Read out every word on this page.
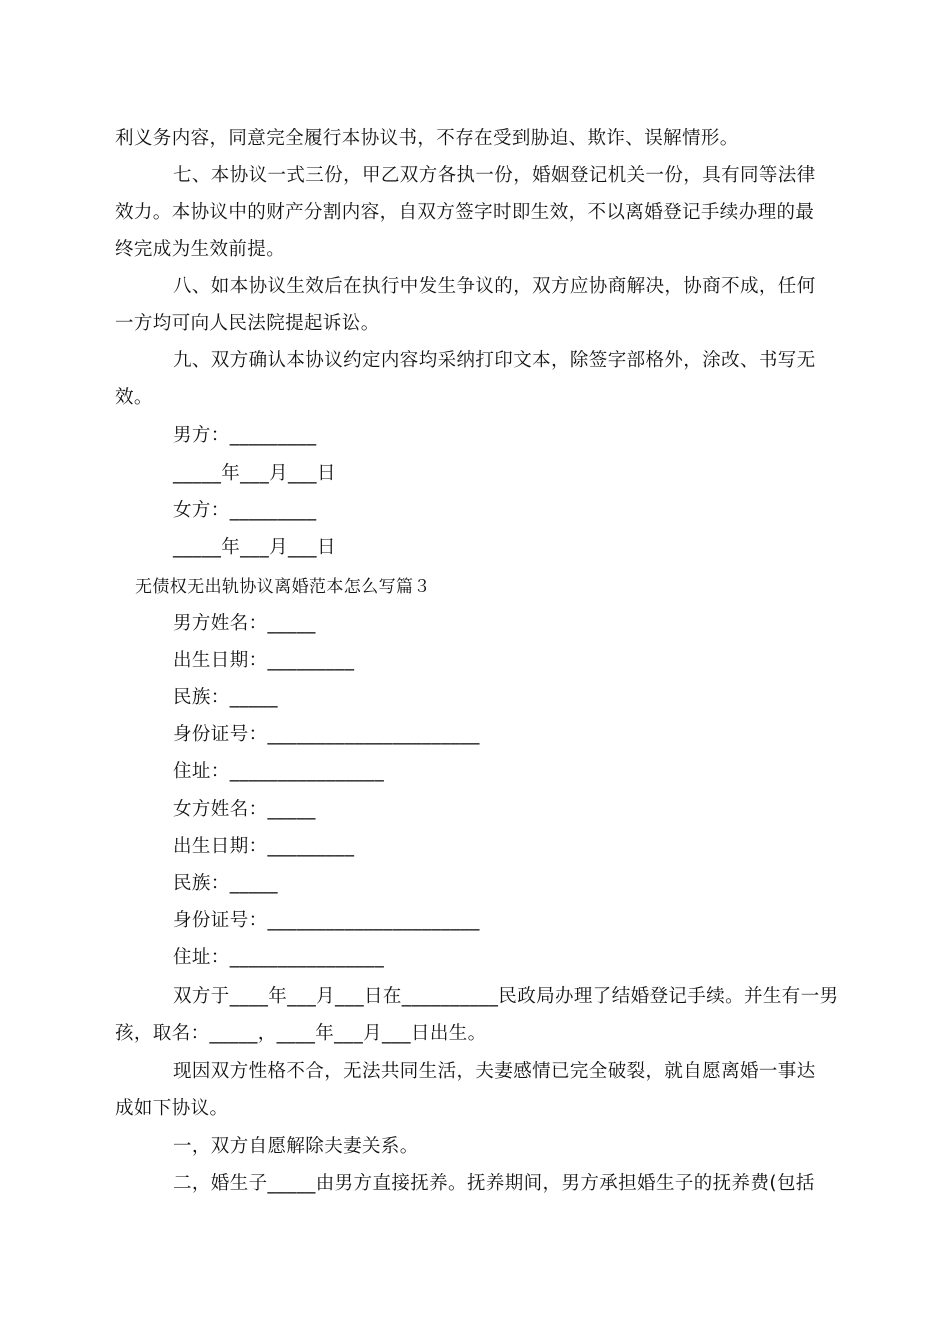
利义务内容，同意完全履行本协议书，不存在受到胁迫、欺诈、误解情形。
七、本协议一式三份，甲乙双方各执一份，婚姻登记机关一份，具有同等法律
效力。本协议中的财产分割内容，自双方签字时即生效，不以离婚登记手续办理的最
终完成为生效前提。
八、如本协议生效后在执行中发生争议的，双方应协商解决，协商不成，任何
一方均可向人民法院提起诉讼。
九、双方确认本协议约定内容均采纳打印文本，除签字部格外，涂改、书写无
效。
男方：_________
_____年___月___日
女方：_________
_____年___月___日
无债权无出轨协议离婚范本怎么写篇３
男方姓名：_____
出生日期：_________
民族：_____
身份证号：______________________
住址：________________
女方姓名：_____
出生日期：_________
民族：_____
身份证号：______________________
住址：________________
双方于____年___月___日在__________民政局办理了结婚登记手续。并生有一男
孩，取名：_____，____年___月___日出生。
现因双方性格不合，无法共同生活，夫妻感情已完全破裂，就自愿离婚一事达
成如下协议。
一，双方自愿解除夫妻关系。
二，婚生子_____由男方直接抚养。抚养期间，男方承担婚生子的抚养费(包括
